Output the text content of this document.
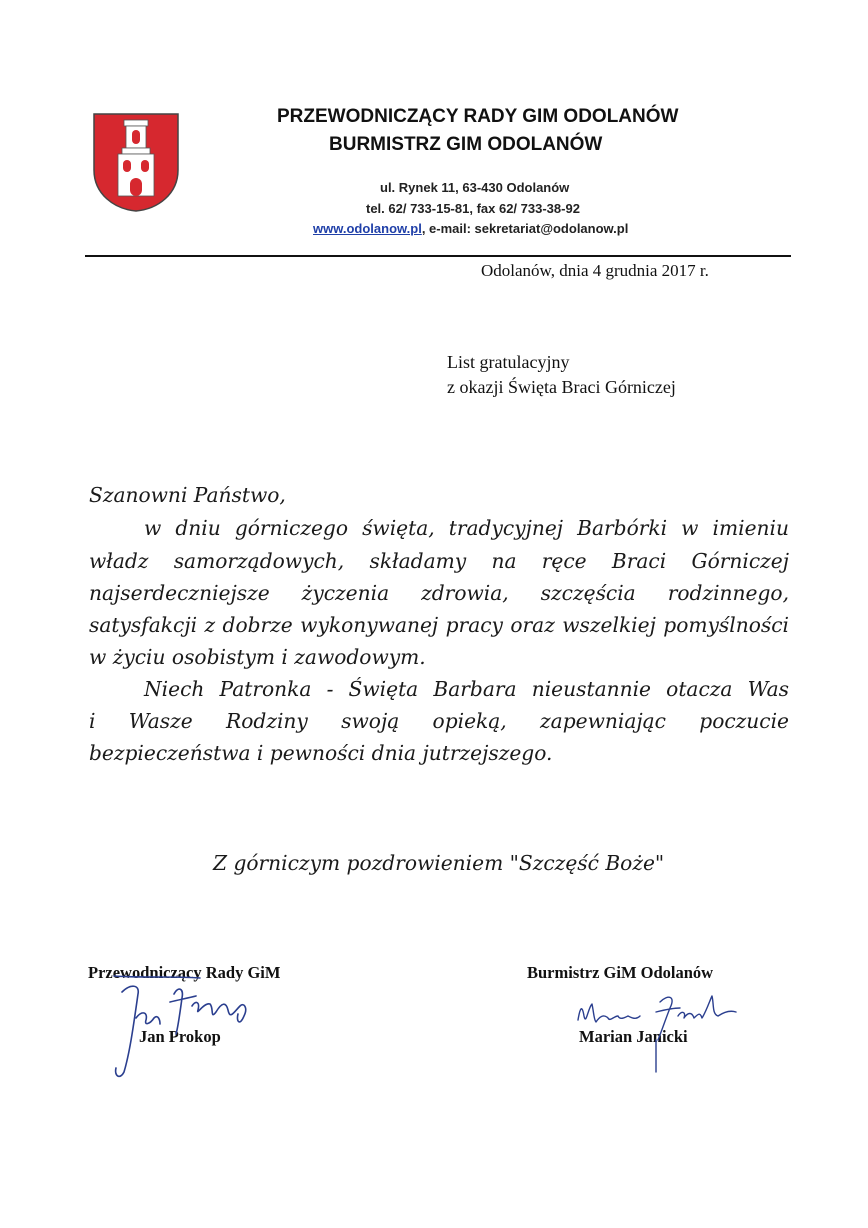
PRZEWODNICZĄCY RADY GIM ODOLANÓW
BURMISTRZ GIM ODOLANÓW
ul. Rynek 11, 63-430 Odolanów
tel. 62/ 733-15-81, fax 62/ 733-38-92
www.odolanow.pl, e-mail: sekretariat@odolanow.pl
Odolanów, dnia 4 grudnia 2017 r.
List gratulacyjny
z okazji Święta Braci Górniczej
Szanowni Państwo,
w dniu górniczego święta, tradycyjnej Barbórki w imieniu
władz samorządowych, składamy na ręce Braci Górniczej
najserdeczniejsze życzenia zdrowia, szczęścia rodzinnego,
satysfakcji z dobrze wykonywanej pracy oraz wszelkiej pomyślności
w życiu osobistym i zawodowym.
Niech Patronka - Święta Barbara nieustannie otacza Was
i Wasze Rodziny swoją opieką, zapewniając poczucie
bezpieczeństwa i pewności dnia jutrzejszego.
Z górniczym pozdrowieniem "Szczęść Boże"
Przewodniczący Rady GiM
Jan Prokop
Burmistrz GiM Odolanów
Marian Janicki
